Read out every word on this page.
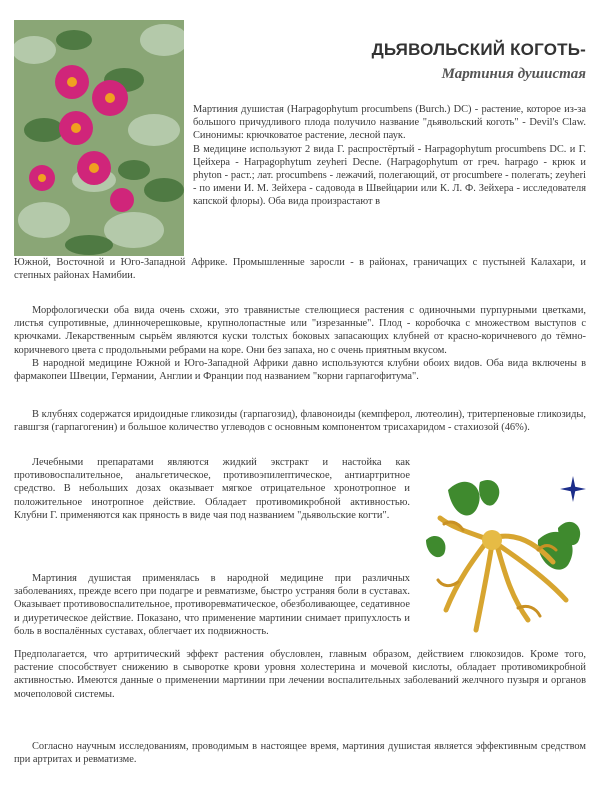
ДЬЯВОЛЬСКИЙ КОГОТЬ-
Мартиния душистая

Мартиния душистая (Harpagophytum procumbens (Burch.) DC) - растение, которое из-за большого причудливого плода получило название "дьявольский коготь" - Devil's Claw. Синонимы: крючковатое растение, лесной паук.

В медицине используют 2 вида Г. распростёртый - Harpagophytum procumbens DC. и Г. Цейхера - Harpagophytum zeyheri Decne. (Harpagophytum от греч. harpago - крюк и phyton - раст.; лат. procumbens - лежачий, полегающий, от procumbere - полегать; zeyheri - по имени И. М. Зейхера - садовода в Швейцарии или К. Л. Ф. Зейхера - исследователя капской флоры). Оба вида произрастают в

Южной, Восточной и Юго-Западной Африке. Промышленные заросли - в районах, граничащих с пустыней Калахари, и степных районах Намибии.

Морфологически оба вида очень схожи, это травянистые стелющиеся растения с одиночными пурпурными цветками, листья супротивные, длинночерешковые, крупнолопастные или "изрезанные". Плод - коробочка с множеством выступов с крючками. Лекарственным сырьём являются куски толстых боковых запасающих клубней от красно-коричневого до тёмно-коричневого цвета с продольными ребрами на коре. Они без запаха, но с очень приятным вкусом.

В народной медицине Южной и Юго-Западной Африки давно используются клубни обоих видов. Оба вида включены в фармакопеи Швеции, Германии, Англии и Франции под названием "корни гарпагофитума".

В клубнях содержатся иридоидные гликозиды (гарпагозид), флавоноиды (кемпферол, лютеолин), тритерпеновые гликозиды, гавшгзя (гарпагогенин) и большое количество углеводов с основным компонентом трисахаридом - стахиозой (46%).

Лечебными препаратами являются жидкий экстракт и настойка как противовоспалительное, анальгетическое, противоэпилептическое, антиартритное средство. В небольших дозах оказывает мягкое отрицательное хронотропное и положительное инотропное действие. Обладает противомикробной активностью. Клубни Г. применяются как пряность в виде чая под названием "дьявольские когти".

Мартиния душистая применялась в народной медицине при различных заболеваниях, прежде всего при подагре и ревматизме, быстро устраняя боли в суставах. Оказывает противовоспалительное, противоревматическое, обезболивающее, седативное и диуретическое действие. Показано, что применение мартинии снимает припухлость и боль в воспалённых суставах, облегчает их подвижность.

Предполагается, что артритический эффект растения обусловлен, главным образом, действием глюкозидов. Кроме того, растение способствует снижению в сыворотке крови уровня холестерина и мочевой кислоты, обладает противомикробной активностью. Имеются данные о применении мартинии при лечении воспалительных заболеваний желчного пузыря и органов мочеполовой системы.

Согласно научным исследованиям, проводимым в настоящее время, мартиния душистая является эффективным средством при артритах и ревматизме.
